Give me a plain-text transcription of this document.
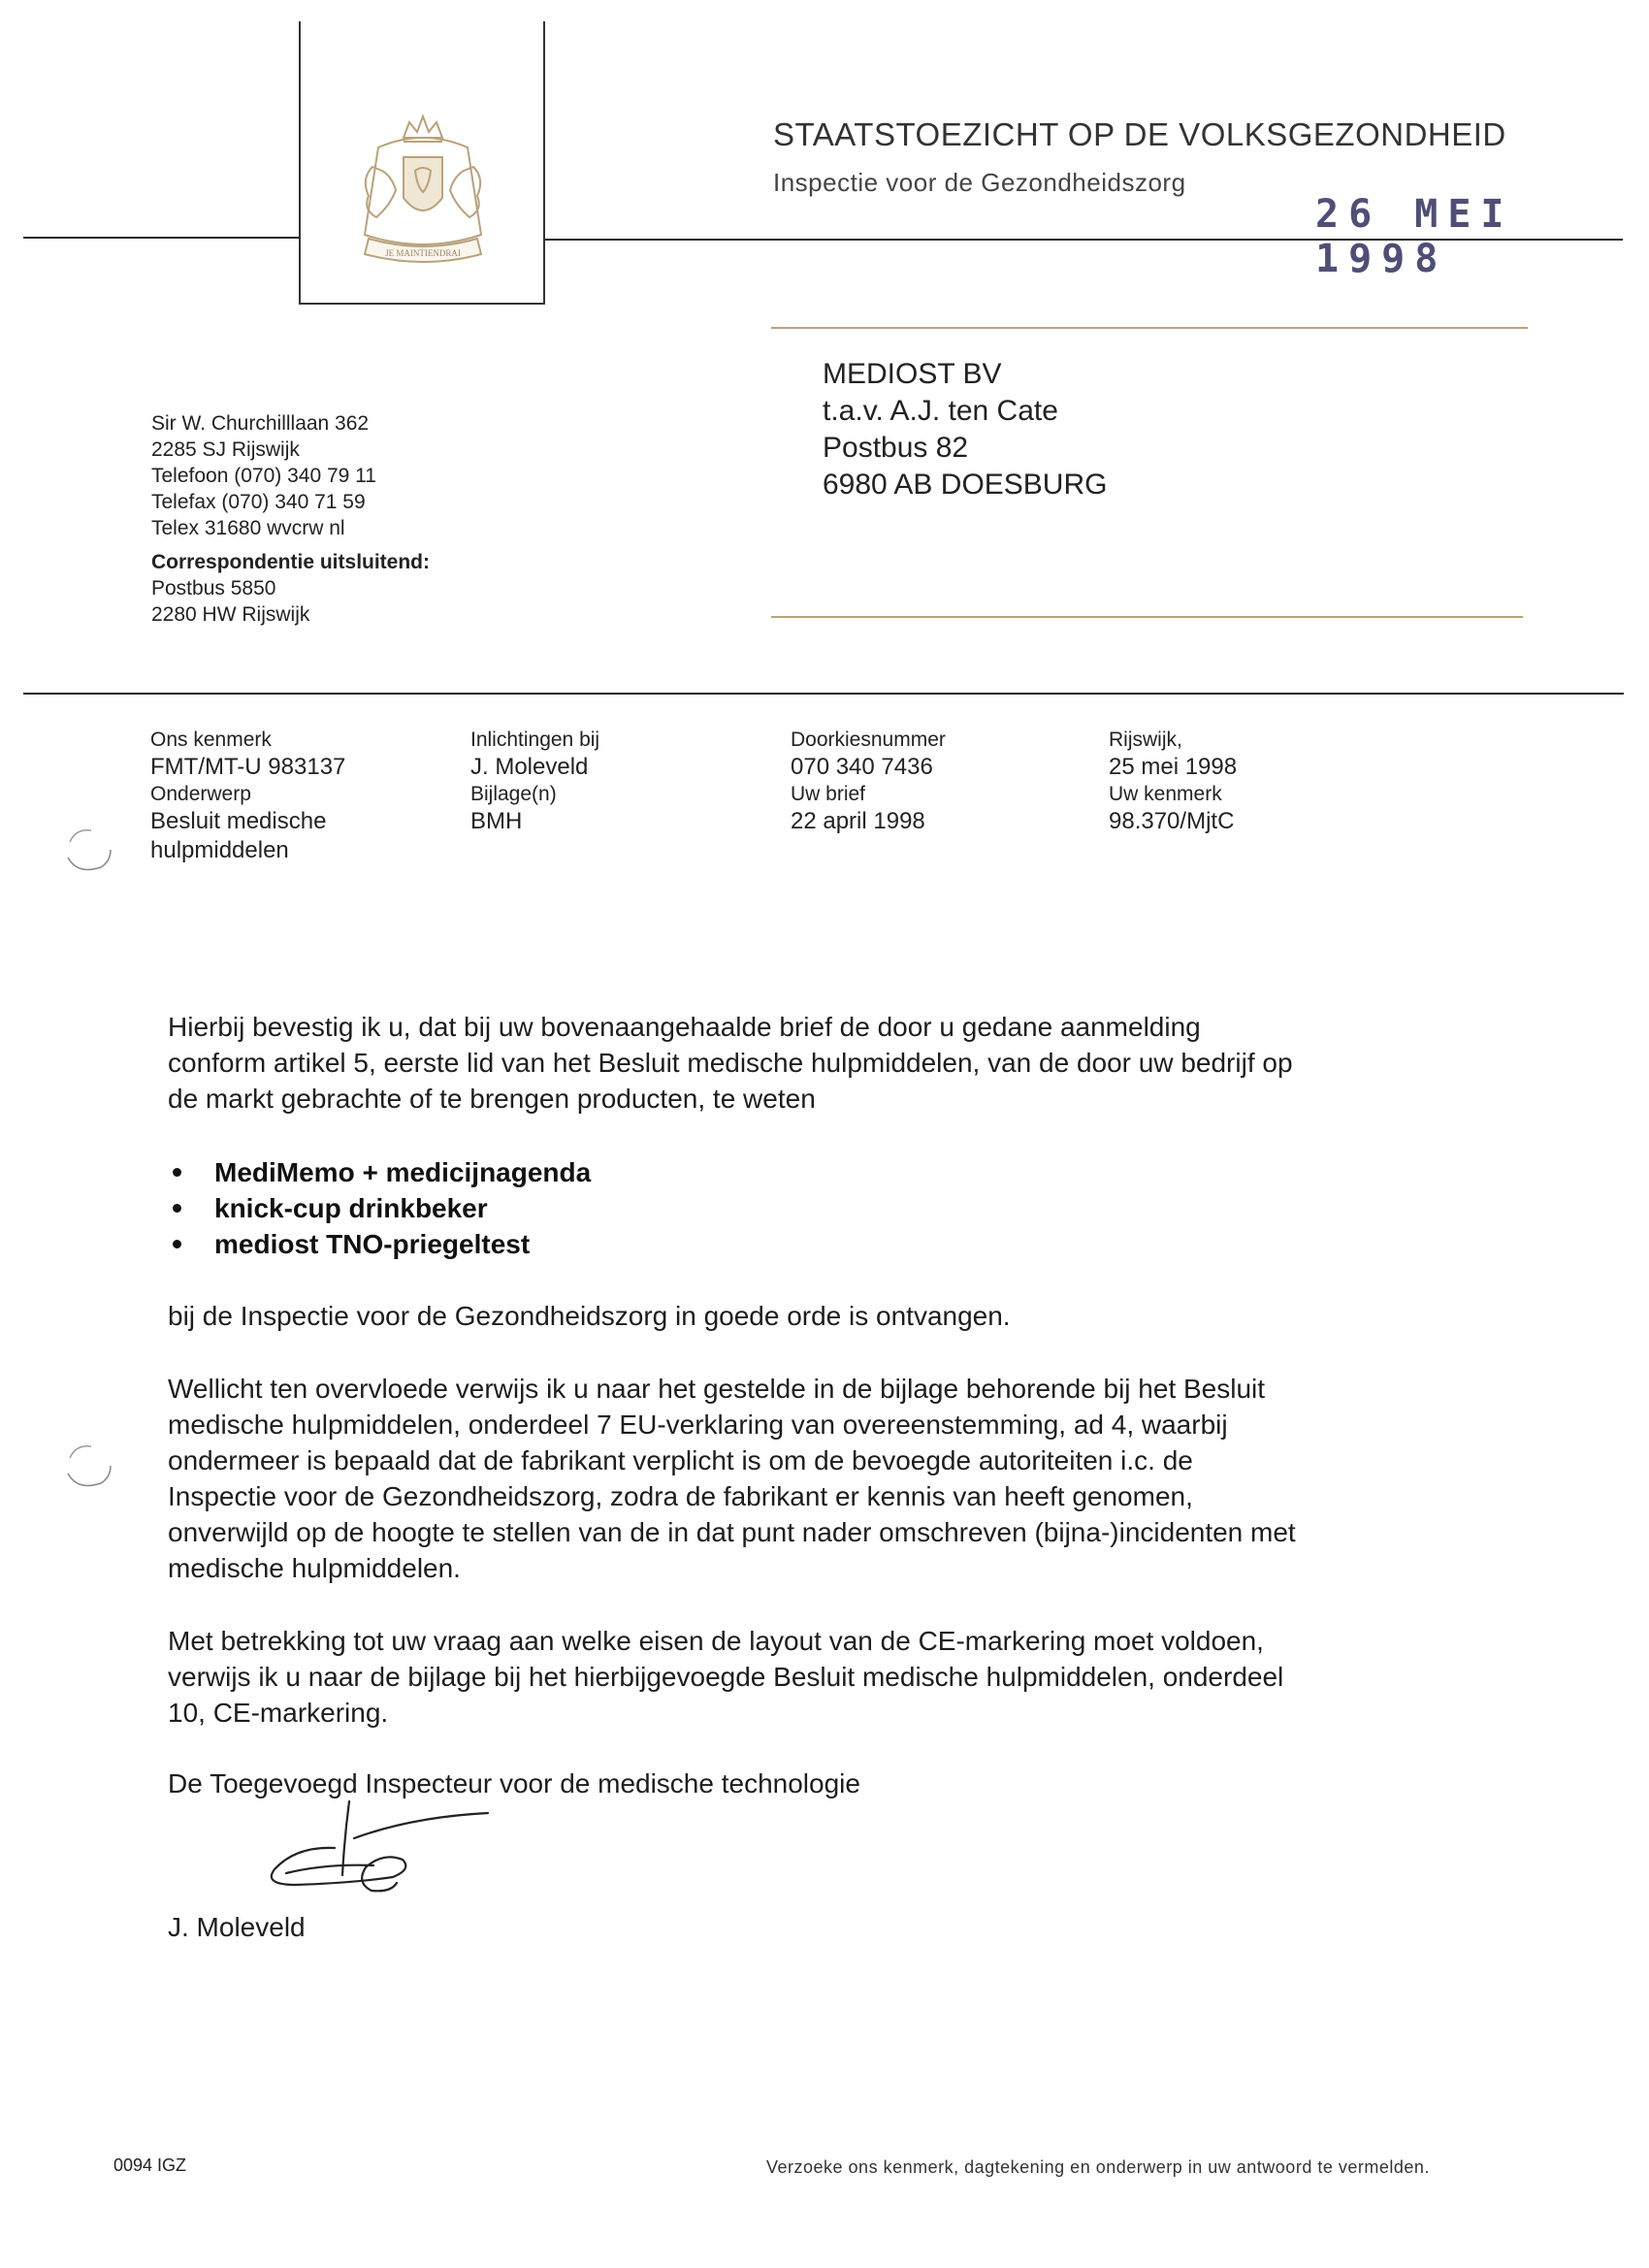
JE MAINTIENDRAI
STAATSTOEZICHT OP DE VOLKSGEZONDHEID
Inspectie voor de Gezondheidszorg
26 MEI 1998
Sir W. Churchilllaan 362
2285 SJ Rijswijk
Telefoon (070) 340 79 11
Telefax (070) 340 71 59
Telex 31680 wvcrw nl
Correspondentie uitsluitend:
Postbus 5850
2280 HW Rijswijk
MEDIOST BV
t.a.v. A.J. ten Cate
Postbus 82
6980 AB DOESBURG
Ons kenmerk
FMT/MT-U 983137
Onderwerp
Besluit medische
hulpmiddelen
Inlichtingen bij
J. Moleveld
Bijlage(n)
BMH
Doorkiesnummer
070 340 7436
Uw brief
22 april 1998
Rijswijk,
25 mei 1998
Uw kenmerk
98.370/MjtC
Hierbij bevestig ik u, dat bij uw bovenaangehaalde brief de door u gedane aanmelding
conform artikel 5, eerste lid van het Besluit medische hulpmiddelen, van de door uw bedrijf op
de markt gebrachte of te brengen producten, te weten
MediMemo + medicijnagenda
knick-cup drinkbeker
mediost TNO-priegeltest
bij de Inspectie voor de Gezondheidszorg in goede orde is ontvangen.
Wellicht ten overvloede verwijs ik u naar het gestelde in de bijlage behorende bij het Besluit
medische hulpmiddelen, onderdeel 7 EU-verklaring van overeenstemming, ad 4, waarbij
ondermeer is bepaald dat de fabrikant verplicht is om de bevoegde autoriteiten i.c. de
Inspectie voor de Gezondheidszorg, zodra de fabrikant er kennis van heeft genomen,
onverwijld op de hoogte te stellen van de in dat punt nader omschreven (bijna-)incidenten met
medische hulpmiddelen.
Met betrekking tot uw vraag aan welke eisen de layout van de CE-markering moet voldoen,
verwijs ik u naar de bijlage bij het hierbijgevoegde Besluit medische hulpmiddelen, onderdeel
10, CE-markering.
De Toegevoegd Inspecteur voor de medische technologie
J. Moleveld
0094 IGZ	Verzoeke ons kenmerk, dagtekening en onderwerp in uw antwoord te vermelden.
